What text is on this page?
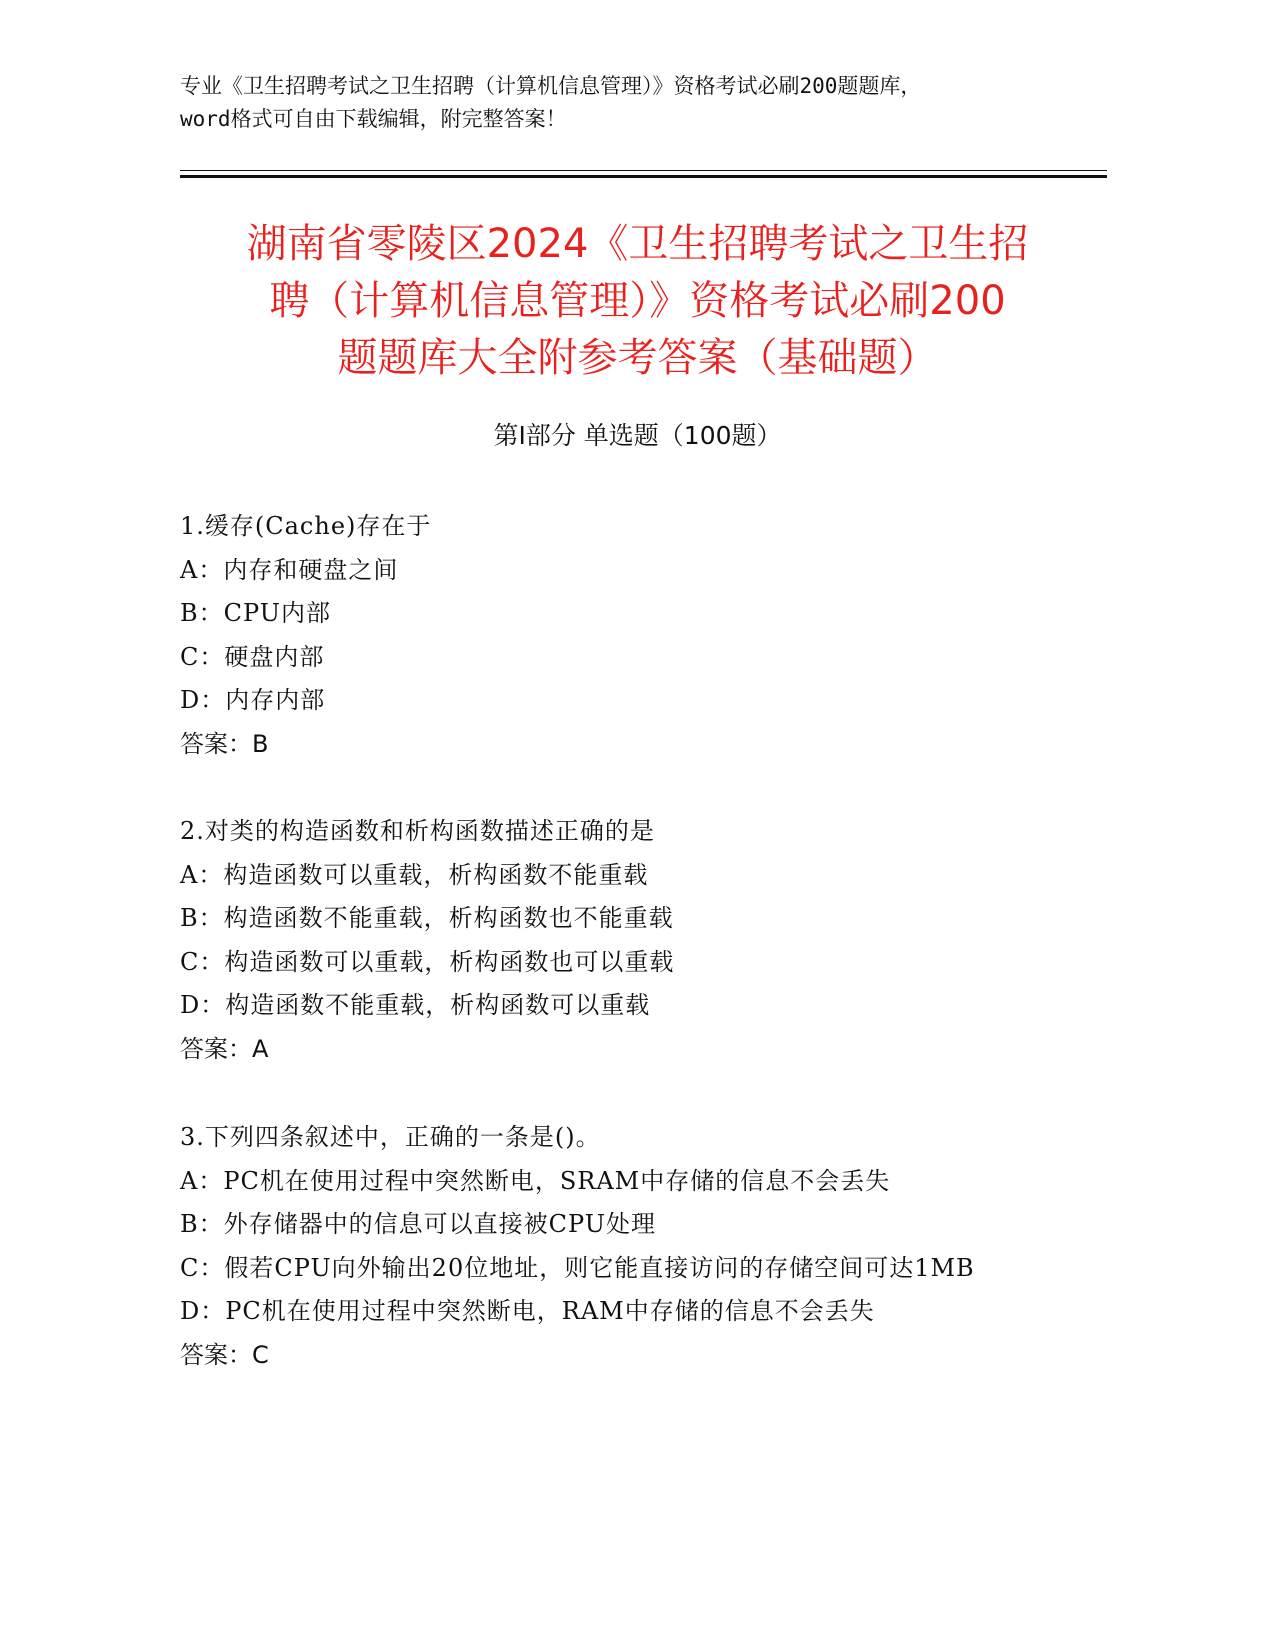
专业《卫生招聘考试之卫生招聘（计算机信息管理）》资格考试必刷200题题库，
word格式可自由下载编辑，附完整答案！
湖南省零陵区2024《卫生招聘考试之卫生招
聘（计算机信息管理）》资格考试必刷200
题题库大全附参考答案（基础题）
第I部分 单选题（100题）
1.缓存(Cache)存在于
A：内存和硬盘之间
B：CPU内部
C：硬盘内部
D：内存内部
答案：B
2.对类的构造函数和析构函数描述正确的是
A：构造函数可以重载，析构函数不能重载
B：构造函数不能重载，析构函数也不能重载
C：构造函数可以重载，析构函数也可以重载
D：构造函数不能重载，析构函数可以重载
答案：A
3.下列四条叙述中，正确的一条是()。
A：PC机在使用过程中突然断电，SRAM中存储的信息不会丢失
B：外存储器中的信息可以直接被CPU处理
C：假若CPU向外输出20位地址，则它能直接访问的存储空间可达1MB
D：PC机在使用过程中突然断电，RAM中存储的信息不会丢失
答案：C
